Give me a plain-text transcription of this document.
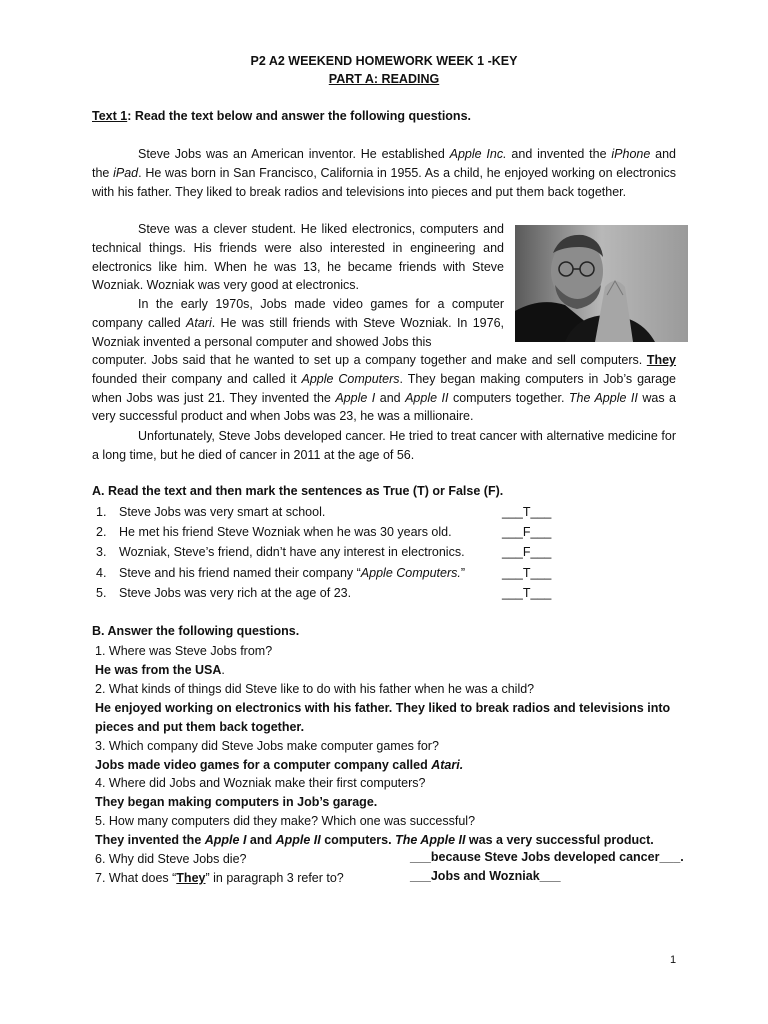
P2 A2 WEEKEND HOMEWORK WEEK 1 -KEY
PART A: READING
Text 1: Read the text below and answer the following questions.

Steve Jobs was an American inventor. He established Apple Inc. and invented the iPhone and the iPad. He was born in San Francisco, California in 1955. As a child, he enjoyed working on electronics with his father. They liked to break radios and televisions into pieces and put them back together.

Steve was a clever student. He liked electronics, computers and technical things. His friends were also interested in engineering and electronics like him. When he was 13, he became friends with Steve Wozniak. Wozniak was very good at electronics.

In the early 1970s, Jobs made video games for a computer company called Atari. He was still friends with Steve Wozniak. In 1976, Wozniak invented a personal computer and showed Jobs this

computer. Jobs said that he wanted to set up a company together and make and sell computers. They founded their company and called it Apple Computers. They began making computers in Job’s garage when Jobs was just 21. They invented the Apple I and Apple II computers together. The Apple II was a very successful product and when Jobs was 23, he was a millionaire.

Unfortunately, Steve Jobs developed cancer. He tried to treat cancer with alternative medicine for a long time, but he died of cancer in 2011 at the age of 56.

A. Read the text and then mark the sentences as True (T) or False (F).
1.	Steve Jobs was very smart at school.	___T___
2.	He met his friend Steve Wozniak when he was 30 years old.	___F___
3.	Wozniak, Steve’s friend, didn’t have any interest in electronics.	___F___
4.	Steve and his friend named their company “Apple Computers.”	___T___
5.	Steve Jobs was very rich at the age of 23.	___T___
B. Answer the following questions.
1. Where was Steve Jobs from?
He was from the USA.
2. What kinds of things did Steve like to do with his father when he was a child?
He enjoyed working on electronics with his father. They liked to break radios and televisions into pieces and put them back together.
3. Which company did Steve Jobs make computer games for?
Jobs made video games for a computer company called Atari.
4. Where did Jobs and Wozniak make their first computers?
They began making computers in Job’s garage.
5. How many computers did they make? Which one was successful?
They invented the Apple I and Apple II computers. The Apple II was a very successful product.
6. Why did Steve Jobs die?	___because Steve Jobs developed cancer___.
7. What does “They” in paragraph 3 refer to?	___Jobs and Wozniak___
1
